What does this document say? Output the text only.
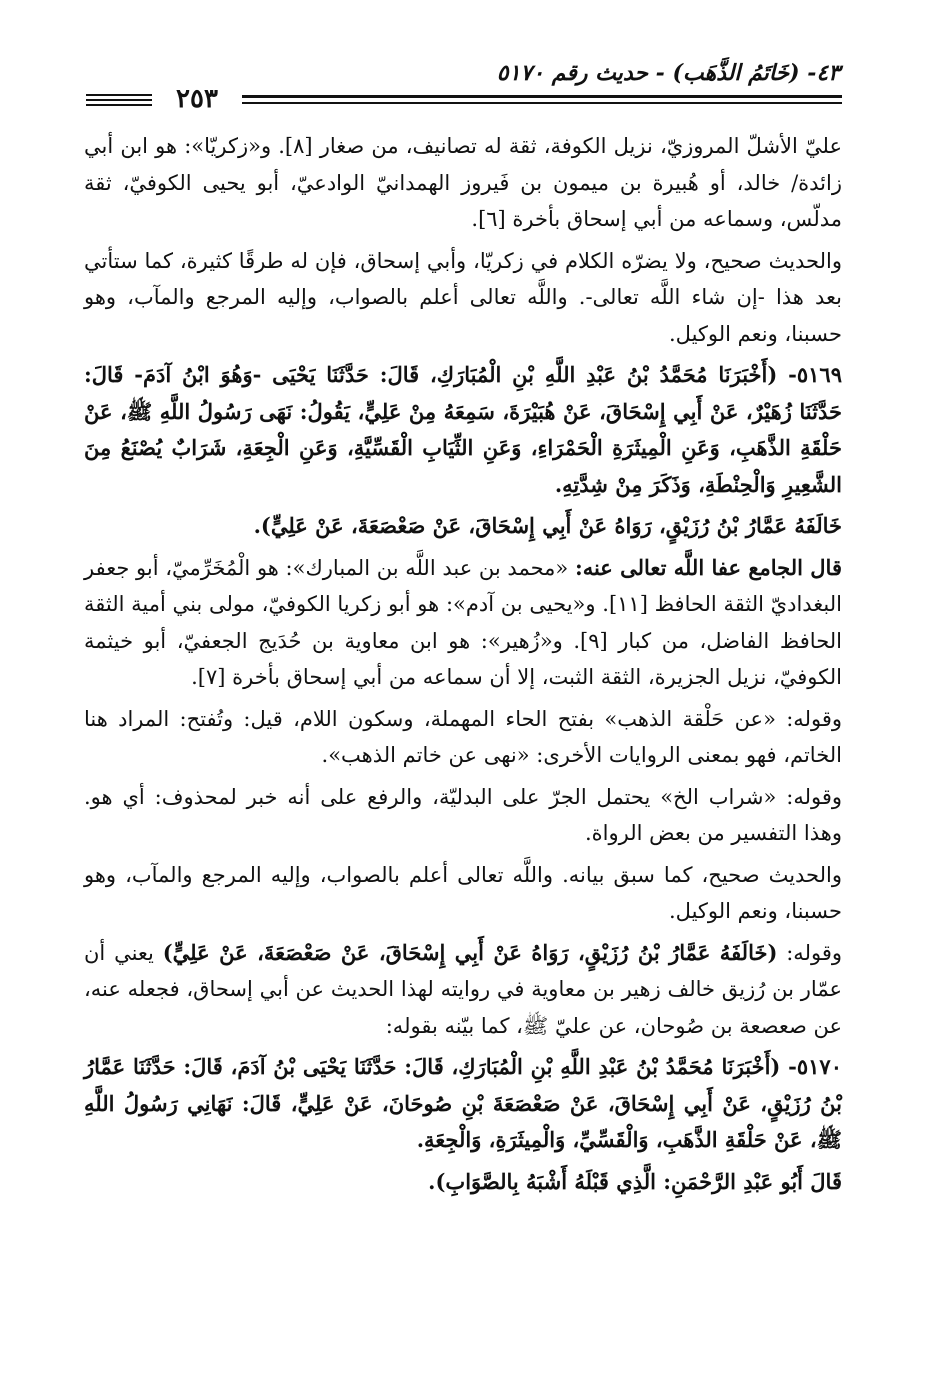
٤٣- (خَاتَمُ الذَّهَب) - حديث رقم ٥١٧٠
٢٥٣

عليّ الأشلّ المروزيّ، نزيل الكوفة، ثقة له تصانيف، من صغار [٨]. و«زكريّا»: هو ابن أبي زائدة/ خالد، أو هُبيرة بن ميمون بن فَيروز الهمدانيّ الوادعيّ، أبو يحيى الكوفيّ، ثقة مدلّس، وسماعه من أبي إسحاق بأخرة [٦].

والحديث صحيح، ولا يضرّه الكلام في زكريّا، وأبي إسحاق، فإن له طرقًا كثيرة، كما ستأتي بعد هذا -إن شاء اللَّه تعالى-. واللَّه تعالى أعلم بالصواب، وإليه المرجع والمآب، وهو حسبنا، ونعم الوكيل.

٥١٦٩- (أَخْبَرَنَا مُحَمَّدُ بْنُ عَبْدِ اللَّهِ بْنِ الْمُبَارَكِ، قَالَ: حَدَّثَنَا يَحْيَى -وَهُوَ ابْنُ آدَمَ- قَالَ: حَدَّثَنَا زُهَيْرٌ، عَنْ أَبِي إِسْحَاقَ، عَنْ هُبَيْرَةَ، سَمِعَهُ مِنْ عَلِيٍّ، يَقُولُ: نَهَى رَسُولُ اللَّهِ ﷺ، عَنْ حَلْقَةِ الذَّهَبِ، وَعَنِ الْمِيثَرَةِ الْحَمْرَاءِ، وَعَنِ الثِّيَابِ الْقَسِّيَّةِ، وَعَنِ الْجِعَةِ، شَرَابٌ يُصْنَعُ مِنَ الشَّعِيرِ وَالْحِنْطَةِ، وَذَكَرَ مِنْ شِدَّتِهِ.

خَالَفَهُ عَمَّارُ بْنُ رُزَيْقٍ، رَوَاهُ عَنْ أَبِي إِسْحَاقَ، عَنْ صَعْصَعَةَ، عَنْ عَلِيٍّ).

قال الجامع عفا اللَّه تعالى عنه: «محمد بن عبد اللَّه بن المبارك»: هو الْمُخَرِّميّ، أبو جعفر البغداديّ الثقة الحافظ [١١]. و«يحيى بن آدم»: هو أبو زكريا الكوفيّ، مولى بني أمية الثقة الحافظ الفاضل، من كبار [٩]. و«زُهير»: هو ابن معاوية بن حُدَيج الجعفيّ، أبو خيثمة الكوفيّ، نزيل الجزيرة، الثقة الثبت، إلا أن سماعه من أبي إسحاق بأخرة [٧].

وقوله: «عن حَلْقة الذهب» بفتح الحاء المهملة، وسكون اللام، قيل: وتُفتح: المراد هنا الخاتم، فهو بمعنى الروايات الأخرى: «نهى عن خاتم الذهب».

وقوله: «شراب الخ» يحتمل الجرّ على البدليّة، والرفع على أنه خبر لمحذوف: أي هو. وهذا التفسير من بعض الرواة.

والحديث صحيح، كما سبق بيانه. واللَّه تعالى أعلم بالصواب، وإليه المرجع والمآب، وهو حسبنا، ونعم الوكيل.

وقوله: (خَالَفَهُ عَمَّارُ بْنُ رُزَيْقٍ، رَوَاهُ عَنْ أَبِي إِسْحَاقَ، عَنْ صَعْصَعَةَ، عَنْ عَلِيٍّ) يعني أن عمّار بن رُزيق خالف زهير بن معاوية في روايته لهذا الحديث عن أبي إسحاق، فجعله عنه، عن صعصعة بن صُوحان، عن عليّ ﷺ، كما بيّنه بقوله:

٥١٧٠- (أَخْبَرَنَا مُحَمَّدُ بْنُ عَبْدِ اللَّهِ بْنِ الْمُبَارَكِ، قَالَ: حَدَّثَنَا يَحْيَى بْنُ آدَمَ، قَالَ: حَدَّثَنَا عَمَّارُ بْنُ رُزَيْقٍ، عَنْ أَبِي إِسْحَاقَ، عَنْ صَعْصَعَةَ بْنِ صُوحَانَ، عَنْ عَلِيٍّ، قَالَ: نَهَانِي رَسُولُ اللَّهِ ﷺ، عَنْ حَلْقَةِ الذَّهَبِ، وَالْقَسِّيِّ، وَالْمِيثَرَةِ، وَالْجِعَةِ.

قَالَ أَبُو عَبْدِ الرَّحْمَنِ: الَّذِي قَبْلَهُ أَشْبَهُ بِالصَّوَابِ).
